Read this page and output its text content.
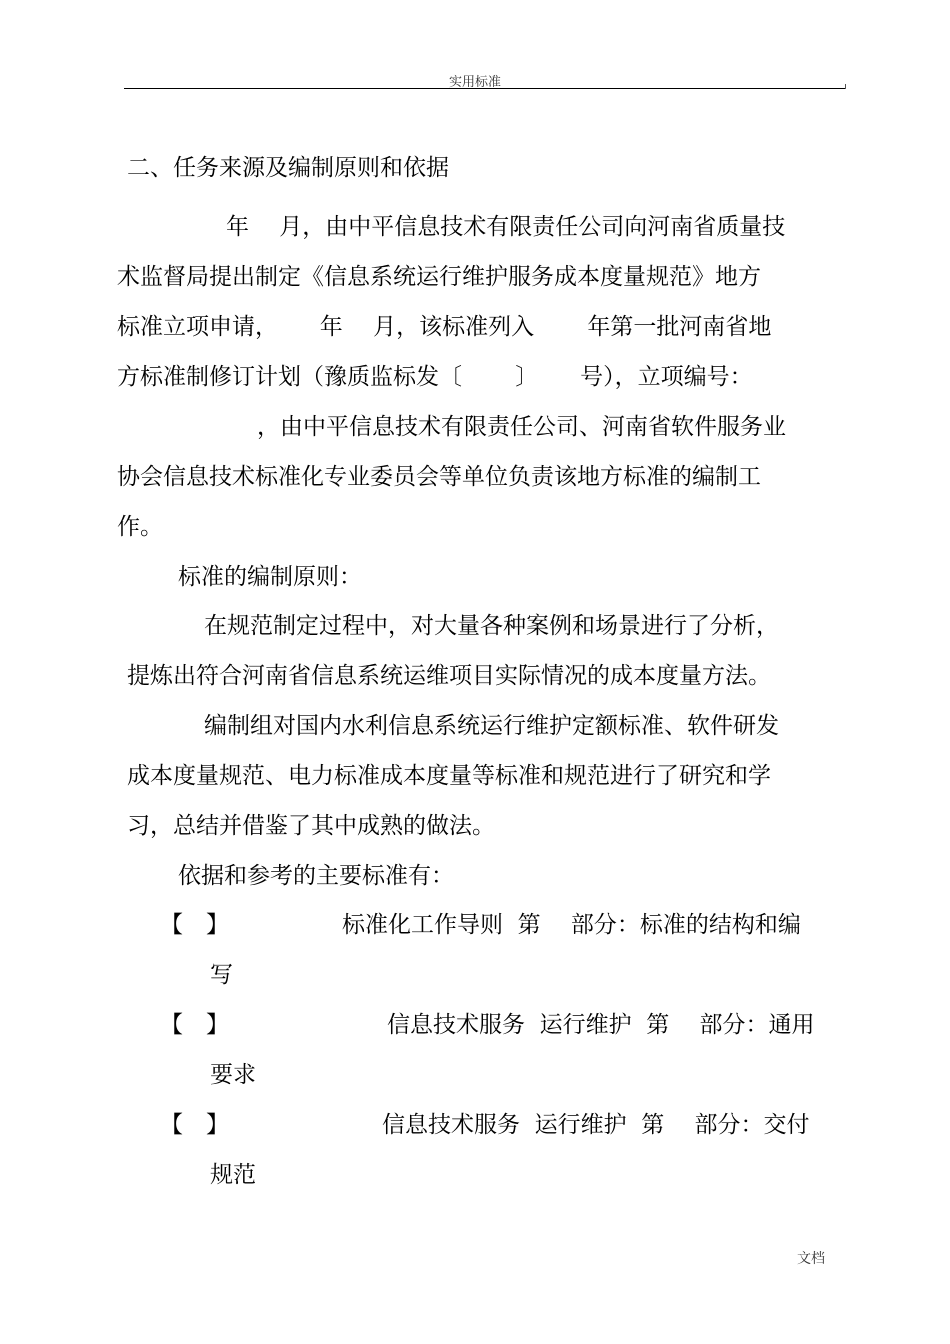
实用标准
二、任务来源及编制原则和依据
年　 月，由中平信息技术有限责任公司向河南省质量技
术监督局提出制定《信息系统运行维护服务成本度量规范》地方
标准立项申请，　　 年　 月，该标准列入　　 年第一批河南省地
方标准制修订计划（豫质监标发〔　　 〕　　 号），立项编号：
，由中平信息技术有限责任公司、河南省软件服务业
协会信息技术标准化专业委员会等单位负责该地方标准的编制工
作。
标准的编制原则：
在规范制定过程中，对大量各种案例和场景进行了分析，
提炼出符合河南省信息系统运维项目实际情况的成本度量方法。
编制组对国内水利信息系统运行维护定额标准、软件研发
成本度量规范、电力标准成本度量等标准和规范进行了研究和学
习，总结并借鉴了其中成熟的做法。
依据和参考的主要标准有：
【　】	标准化工作导则  第　 部分：标准的结构和编
写
【　】	信息技术服务  运行维护  第　 部分：通用
要求
【　】	信息技术服务  运行维护  第　 部分：交付
规范
文档
